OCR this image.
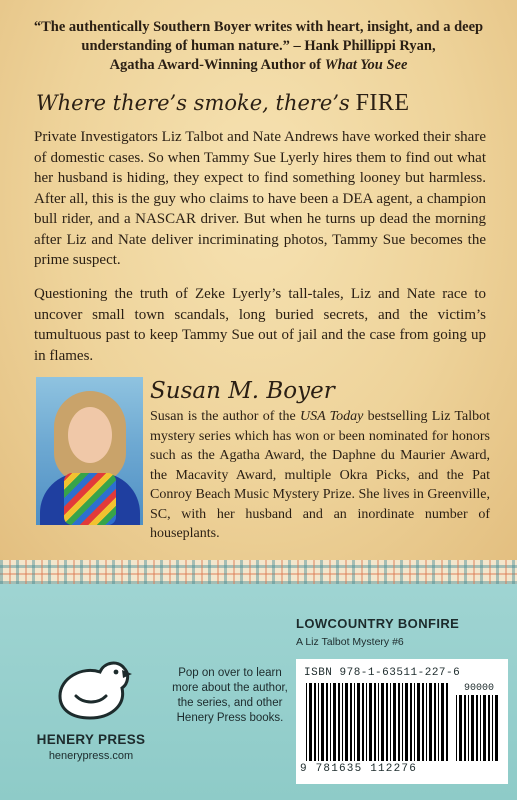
“The authentically Southern Boyer writes with heart, insight, and a deep understanding of human nature.” – Hank Phillippi Ryan,
Agatha Award-Winning Author of What You See
Where there’s smoke, there’s FIRE
Private Investigators Liz Talbot and Nate Andrews have worked their share of domestic cases. So when Tammy Sue Lyerly hires them to find out what her husband is hiding, they expect to find something looney but harmless. After all, this is the guy who claims to have been a DEA agent, a champion bull rider, and a NASCAR driver. But when he turns up dead the morning after Liz and Nate deliver incriminating photos, Tammy Sue becomes the prime suspect.
Questioning the truth of Zeke Lyerly’s tall-tales, Liz and Nate race to uncover small town scandals, long buried secrets, and the victim’s tumultuous past to keep Tammy Sue out of jail and the case from going up in flames.
Susan M. Boyer
Susan is the author of the USA Today bestselling Liz Talbot mystery series which has won or been nominated for honors such as the Agatha Award, the Daphne du Maurier Award, the Macavity Award, multiple Okra Picks, and the Pat Conroy Beach Music Mystery Prize. She lives in Greenville, SC, with her husband and an inordinate number of houseplants.
LOWCOUNTRY BONFIRE
A Liz Talbot Mystery #6
HENERY PRESS
henerypress.com
Pop on over to learn more about the author, the series, and other Henery Press books.
ISBN 978-1-63511-227-6
90000
9 781635 112276
